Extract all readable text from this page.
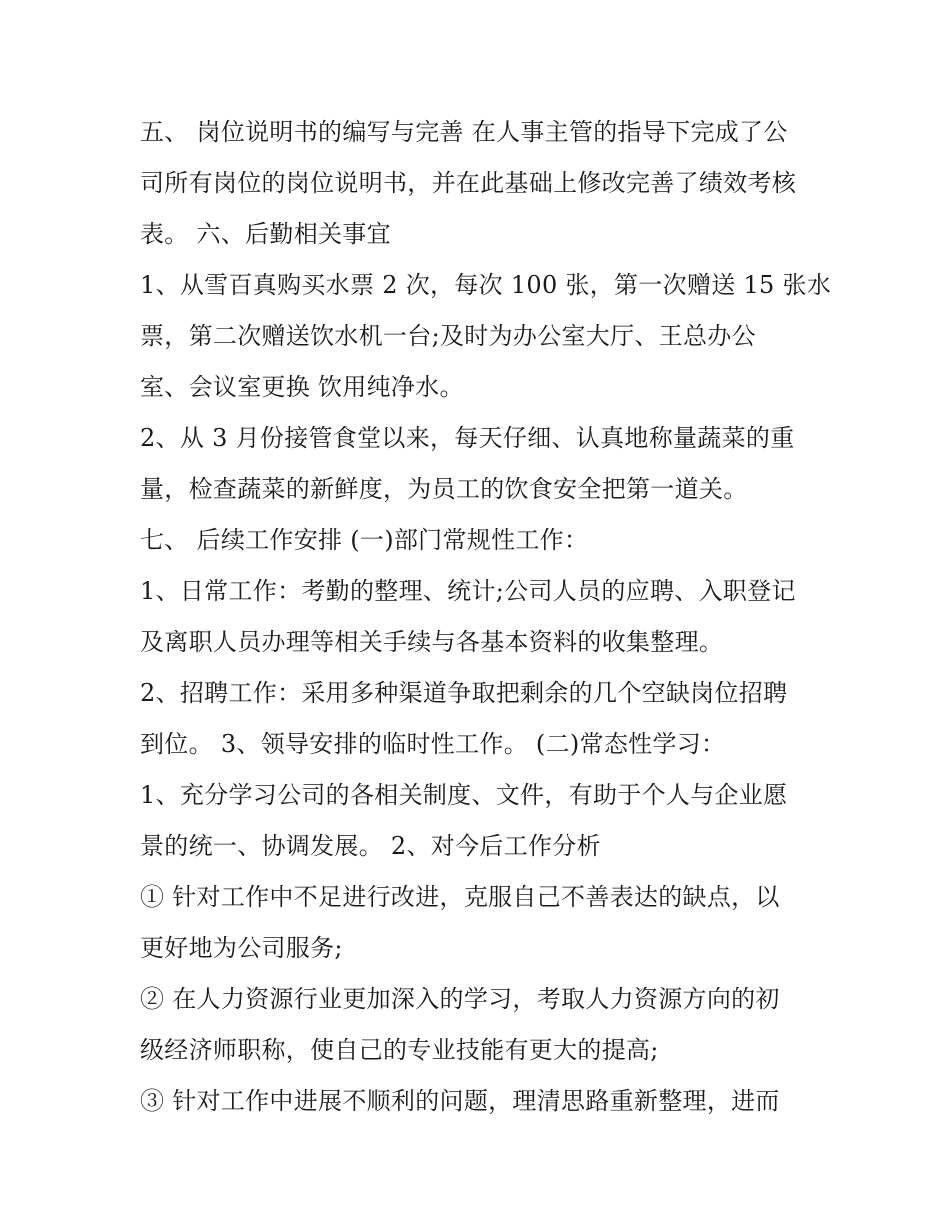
五、 岗位说明书的编写与完善 在人事主管的指导下完成了公
司所有岗位的岗位说明书，并在此基础上修改完善了绩效考核
表。 六、后勤相关事宜
1、从雪百真购买水票 2 次，每次 100 张，第一次赠送 15 张水
票，第二次赠送饮水机一台;及时为办公室大厅、王总办公
室、会议室更换 饮用纯净水。
2、从 3 月份接管食堂以来，每天仔细、认真地称量蔬菜的重
量，检查蔬菜的新鲜度，为员工的饮食安全把第一道关。
七、 后续工作安排 (一)部门常规性工作：
1、日常工作：考勤的整理、统计;公司人员的应聘、入职登记
及离职人员办理等相关手续与各基本资料的收集整理。
2、招聘工作：采用多种渠道争取把剩余的几个空缺岗位招聘
到位。 3、领导安排的临时性工作。 (二)常态性学习：
1、充分学习公司的各相关制度、文件，有助于个人与企业愿
景的统一、协调发展。 2、对今后工作分析
① 针对工作中不足进行改进，克服自己不善表达的缺点，以
更好地为公司服务;
② 在人力资源行业更加深入的学习，考取人力资源方向的初
级经济师职称，使自己的专业技能有更大的提高;
③ 针对工作中进展不顺利的问题，理清思路重新整理，进而
